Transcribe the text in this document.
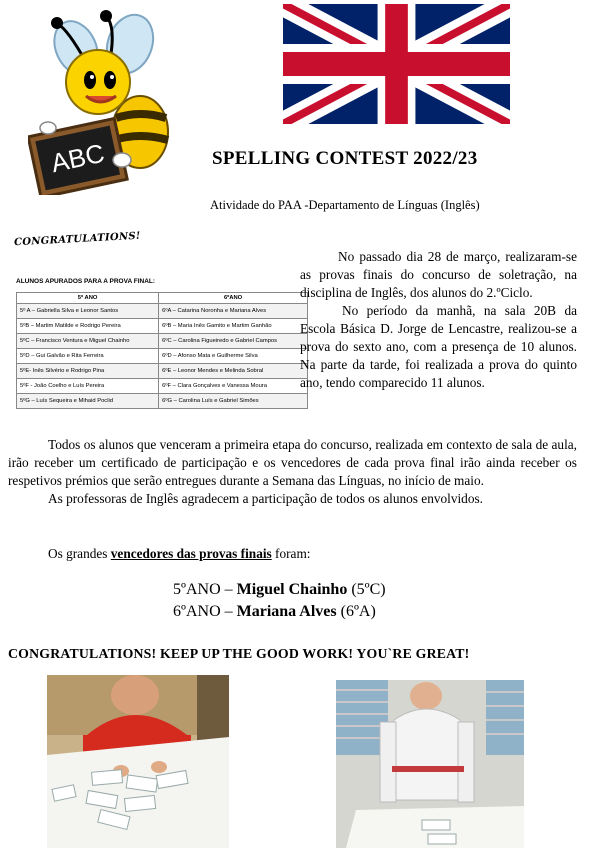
ABC	SPELLING CONTEST 2022/23
Atividade do PAA -Departamento de Línguas (Inglês)
CONGRATULATIONS!
ALUNOS APURADOS PARA A PROVA FINAL:
5º ANO	6ºANO
5º A – Gabriella Silva e Leonor Santos	6ºA – Catarina Noronha e Mariana Alves
5ºB – Martim Matilde e Rodrigo Pereira	6ºB – Maria Inês Gamito e Martim Ganhão
5ºC – Francisco Ventura e Miguel Chainho	6ºC – Carolina Figueiredo e Gabriel Campos
5ºD – Gui Galvão e Rita Ferreira	6ºD – Afonso Mata e Guilherme Silva
5ºE- Inês Silvério e Rodrigo Pina	6ºE – Leonor Mendes e Melinda Sobral
5ºF - João Coelho e Luís Pereira	6ºF – Clara Gonçalves e Vanessa Moura
5ºG – Luís Sequeira e Mihaid Poclid	6ºG – Carolina Luís e Gabriel Simões

No passado dia 28 de março, realizaram-se as provas finais do concurso de soletração, na disciplina de Inglês, dos alunos do 2.ºCiclo.

No período da manhã, na sala 20B da Escola Básica D. Jorge de Lencastre, realizou-se a prova do sexto ano, com a presença de 10 alunos. Na parte da tarde, foi realizada a prova do quinto ano, tendo comparecido 11 alunos.

Todos os alunos que venceram a primeira etapa do concurso, realizada em contexto de sala de aula, irão receber um certificado de participação e os vencedores de cada prova final irão ainda receber os respetivos prémios que serão entregues durante a Semana das Línguas, no início de maio.

As professoras de Inglês agradecem a participação de todos os alunos envolvidos.

Os grandes vencedores das provas finais foram:
5ºANO – Miguel Chainho (5ºC)
6ºANO – Mariana Alves (6ºA)
CONGRATULATIONS! KEEP UP THE GOOD WORK! YOU`RE GREAT!
